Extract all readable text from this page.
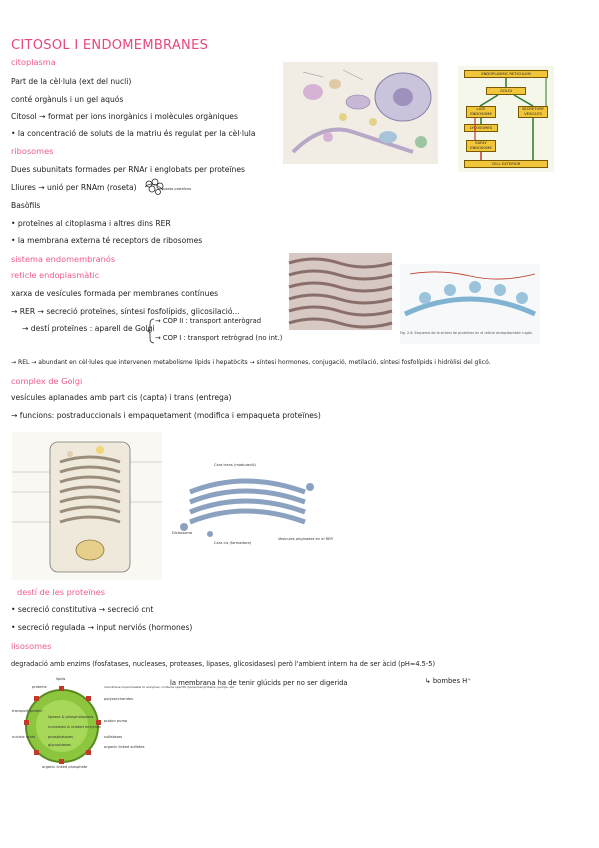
CITOSOL I ENDOMEMBRANES
citoplasma
Part de la cèl·lula (ext del nucli)
conté orgànuls i un gel aquós
Citosol → format per ions inorgànics i molècules orgàniques
• la concentració de soluts de la matriu és regulat per la cèl·lula
ribosomes
Dues subunitats formades per RNAr i englobats per proteïnes
Lliures → unió per RNAm (roseta)	roseta proteïnes
Basòfils
• proteïnes al citoplasma i altres dins RER
• la membrana externa té receptors de ribosomes
sistema endomembranós
reticle endoplasmàtic
xarxa de vesícules formada per membranes contínues
→ RER → secreció proteïnes, síntesi fosfolípids, glicosilació...
→ destí proteïnes : aparell de Golgi
→ COP II : transport anterògrad
→ COP I : transport retrògrad (no int.)
→ REL → abundant en cèl·lules que intervenen metabolisme lípids i hepatòcits → síntesi hormones, conjugació, metilació, síntesi fosfolípids i hidròlisi del glicó.
complex de Golgi
vesícules aplanades amb part cis (capta) i trans (entrega)
→ funcions: postraduccionals i empaquetament (modifica i empaqueta proteïnes)
destí de les proteïnes
• secreció constitutiva → secreció cnt
• secreció regulada → input nerviós (hormones)
lisosomes
degradació amb enzims (fosfatases, nucleases, proteases, lipases, glicosidases) però l'ambient intern ha de ser àcid (pH≈4.5-5)
la membrana ha de tenir glúcids per no ser digerida	↳ bombes H⁺
ENDOPLASMIC RETICULUM
GOLGI
LATE ENDOSOME
SECRETORY VESICLES
LYSOSOMES
EARLY ENDOSOME
CELL EXTERIOR
Fig. 2.6. Esquema de la síntesi de proteïnes en el reticle endoplasmàtic rugós.
Cara trans (maduració)
Dictiosoma
Cara cis (formadora)
Vesícules originades en el RER
lipids
proteins
transport protein
nucleic acids
membrane impermeable to enzymes, contains specific lysosomal proteins, pumps, etc.
polysaccharides
lipases & phospholipases
nucleases & related enzymes
proton pump
phosphatases
glycosidases
organic linked phosphate
organic linked sulfates
sulfatases
